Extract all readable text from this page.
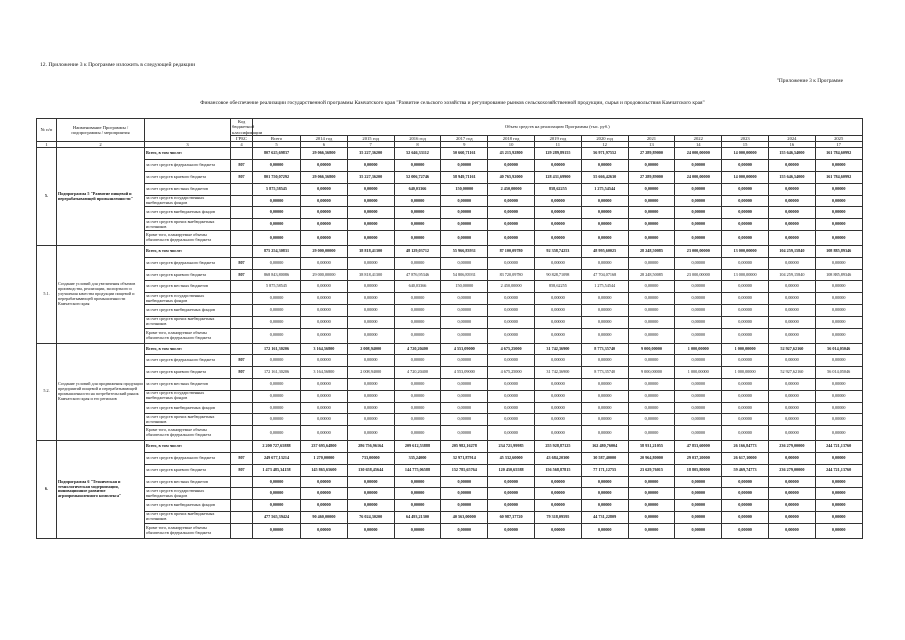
12. Приложение 3 к Программе изложить в следующей редакции
"Приложение 3 к Программе
Финансовое обеспечение реализации государственной программы Камчатского края "Развитие сельского хозяйства и регулирование рынков сельскохозяйственной продукции, сырья и продовольствия Камчатского края"
№ п/п	Наименование Программы / подпрограммы / мероприятия		Код бюджетной классификации	Объем средств на реализацию Программы (тыс. руб.)												
			ГРБС	Всего	2014 год	2015 год	2016 год	2017 год	2018 год	2019 год	2020 год	2021	2022	2023	2024	2025
1	2	3	4	5	6	7	8	9	10	11	12	13	14	15	16	17
5.	Подпрограмма 5 "Развитие пищевой и перерабатывающей промышленности"	Всего, в том числе:		807 625,69837	29 066,56800	35 227,36200	52 646,33112	50 660,71161	43 215,92800	129 289,89155	56 971,97552	27 289,89000	24 000,00000	14 000,00000	155 646,54000	161 784,60992
		за счет средств федерального бюджета	807	0,00000	0,00000	0,00000	0,00000	0,00000	0,00000	0,00000	0,00000	0,00000	0,00000	0,00000	0,00000	0,00000
		за счет средств краевого бюджета	807	801 750,07292	29 066,56800	35 227,36200	52 006,72746	58 949,71161	40 765,92000	128 431,69900	55 666,42630	27 289,89000	24 000,00000	14 000,00000	155 646,54000	161 784,60992
		за счет средств местных бюджетов		5 875,58545	0,00000	0,00000	640,03366	150,00000	2 450,00000	858,62255	1 275,54544	0,00000	0,00000	0,00000	0,00000	0,00000
		за счет средств государственных внебюджетных фондов		0,00000	0,00000	0,00000	0,00000	0,00000	0,00000	0,00000	0,00000	0,00000	0,00000	0,00000	0,00000	0,00000
		за счет средств внебюджетных фондов		0,00000	0,00000	0,00000	0,00000	0,00000	0,00000	0,00000	0,00000	0,00000	0,00000	0,00000	0,00000	0,00000
		за счет средств прочих внебюджетных источников		0,00000	0,00000	0,00000	0,00000	0,00000	0,00000	0,00000	0,00000	0,00000	0,00000	0,00000	0,00000	0,00000
		Кроме того, планируемые объемы обязательств федерального бюджета		0,00000	0,00000	0,00000	0,00000	0,00000	0,00000	0,00000	0,00000	0,00000	0,00000	0,00000	0,00000	0,00000
5.1.	Создание условий для увеличения объемов производства, реализации, экспортного и улучшения качества продукции пищевой и перерабатывающей промышленности Камчатского края	Всего, в том числе:		875 254,30831	29 000,00000	38 818,41300	48 129,03712	55 966,83931	87 100,09780	92 358,74253	48 995,60025	28 248,50085	23 000,00000	13 000,00000	104 259,15840	108 885,89346
		за счет средств федерального бюджета	807	0,00000	0,00000	0,00000	0,00000	0,00000	0,00000	0,00000	0,00000	0,00000	0,00000	0,00000	0,00000	0,00000
		за счет средств краевого бюджета	807	868 843,80086	29 000,00000	38 818,41300	47 876,95346	54 806,83931	83 720,09780	90 828,71098	47 704,07168	28 248,50085	23 000,00000	13 000,00000	104 259,15840	108 885,89346
		за счет средств местных бюджетов		5 875,58545	0,00000	0,00000	640,03366	150,00000	2 450,00000	858,62255	1 275,54544	0,00000	0,00000	0,00000	0,00000	0,00000
		за счет средств государственных внебюджетных фондов		0,00000	0,00000	0,00000	0,00000	0,00000	0,00000	0,00000	0,00000	0,00000	0,00000	0,00000	0,00000	0,00000
		за счет средств внебюджетных фондов		0,00000	0,00000	0,00000	0,00000	0,00000	0,00000	0,00000	0,00000	0,00000	0,00000	0,00000	0,00000	0,00000
		за счет средств прочих внебюджетных источников		0,00000	0,00000	0,00000	0,00000	0,00000	0,00000	0,00000	0,00000	0,00000	0,00000	0,00000	0,00000	0,00000
		Кроме того, планируемые объемы обязательств федерального бюджета		0,00000	0,00000	0,00000	0,00000	0,00000	0,00000	0,00000	0,00000	0,00000	0,00000	0,00000	0,00000	0,00000
5.2.	Создание условий для продвижения продукции предприятий пищевой и перерабатывающей промышленности на потребительский рынок Камчатского края и его регионов	Всего, в том числе:		172 161,30206	3 164,56800	2 008,94000	4 720,20400	4 553,09000	4 675,25000	31 742,36900	8 773,35740	9 000,00000	1 000,00000	1 000,00000	52 927,62160	56 014,05046
		за счет средств федерального бюджета	807	0,00000	0,00000	0,00000	0,00000	0,00000	0,00000	0,00000	0,00000	0,00000	0,00000	0,00000	0,00000	0,00000
		за счет средств краевого бюджета	807	172 161,30206	3 164,56800	2 008,94000	4 720,20400	4 553,09000	4 675,25000	31 742,36900	8 773,35740	9 000,00000	1 000,00000	1 000,00000	52 927,62160	56 014,05046
		за счет средств местных бюджетов		0,00000	0,00000	0,00000	0,00000	0,00000	0,00000	0,00000	0,00000	0,00000	0,00000	0,00000	0,00000	0,00000
		за счет средств государственных внебюджетных фондов		0,00000	0,00000	0,00000	0,00000	0,00000	0,00000	0,00000	0,00000	0,00000	0,00000	0,00000	0,00000	0,00000
		за счет средств внебюджетных фондов		0,00000	0,00000	0,00000	0,00000	0,00000	0,00000	0,00000	0,00000	0,00000	0,00000	0,00000	0,00000	0,00000
		за счет средств прочих внебюджетных источников		0,00000	0,00000	0,00000	0,00000	0,00000	0,00000	0,00000	0,00000	0,00000	0,00000	0,00000	0,00000	0,00000
		Кроме того, планируемые объемы обязательств федерального бюджета		0,00000	0,00000	0,00000	0,00000	0,00000	0,00000	0,00000	0,00000	0,00000	0,00000	0,00000	0,00000	0,00000
6.	Подпрограмма 6 "Техническая и технологическая модернизация, инновационное развитие агропромышленного комплекса"	Всего, в том числе:		2 200 727,65888	237 695,64800	286 756,96164	209 612,53888	205 982,16278	234 721,99985	255 928,87125	162 480,76004	58 931,21055	47 853,60000	26 166,84773	236 279,00000	244 721,13760
		за счет средств федерального бюджета	807	249 677,13214	1 270,00000	733,00000	335,24000	32 971,87914	45 332,60000	43 684,20300	30 587,40000	20 964,80000	29 037,20000	26 617,10000	0,00000	0,00000
		за счет средств краевого бюджета	807	1 473 485,34158	145 865,65600	130 658,45644	144 775,06588	152 785,65764	120 450,65588	156 568,87815	77 171,12755	23 629,76015	18 805,80000	59 469,74773	236 279,00000	244 721,13760
		за счет средств местных бюджетов		0,00000	0,00000	0,00000	0,00000	0,00000	0,00000	0,00000	0,00000	0,00000	0,00000	0,00000	0,00000	0,00000
		за счет средств государственных внебюджетных фондов		0,00000	0,00000	0,00000	0,00000	0,00000	0,00000	0,00000	0,00000	0,00000	0,00000	0,00000	0,00000	0,00000
		за счет средств внебюджетных фондов		0,00000	0,00000	0,00000	0,00000	0,00000	0,00000	0,00000	0,00000	0,00000	0,00000	0,00000	0,00000	0,00000
		за счет средств прочих внебюджетных источников		477 565,39424	90 460,00000	76 024,30200	64 493,21300	40 563,00000	60 987,37720	79 318,09595	44 731,22809	0,00000	0,00000	0,00000	0,00000	0,00000
		Кроме того, планируемые объемы обязательств федерального бюджета		0,00000	0,00000	0,00000	0,00000	0,00000	0,00000	0,00000	0,00000	0,00000	0,00000	0,00000	0,00000	0,00000
